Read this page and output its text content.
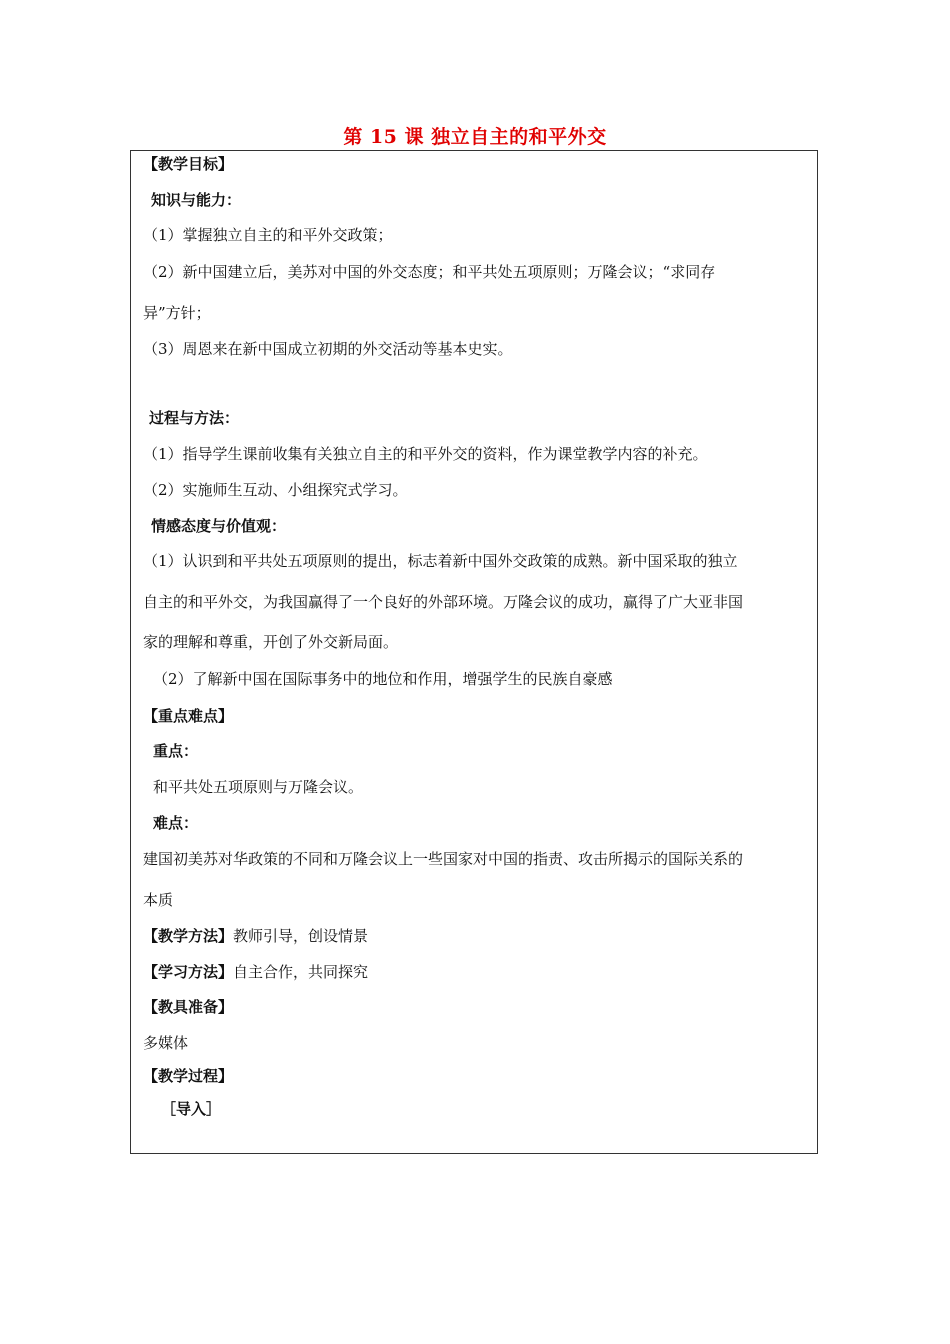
第 15 课 独立自主的和平外交
【教学目标】
知识与能力：
（1）掌握独立自主的和平外交政策；
（2）新中国建立后，美苏对中国的外交态度；和平共处五项原则；万隆会议；“求同存
异”方针；
（3）周恩来在新中国成立初期的外交活动等基本史实。
过程与方法：
（1）指导学生课前收集有关独立自主的和平外交的资料，作为课堂教学内容的补充。
（2）实施师生互动、小组探究式学习。
情感态度与价值观：
（1）认识到和平共处五项原则的提出，标志着新中国外交政策的成熟。新中国采取的独立
自主的和平外交，为我国赢得了一个良好的外部环境。万隆会议的成功，赢得了广大亚非国
家的理解和尊重，开创了外交新局面。
（2）了解新中国在国际事务中的地位和作用，增强学生的民族自豪感
【重点难点】
重点：
和平共处五项原则与万隆会议。
难点：
建国初美苏对华政策的不同和万隆会议上一些国家对中国的指责、攻击所揭示的国际关系的
本质
【教学方法】教师引导，创设情景
【学习方法】自主合作，共同探究
【教具准备】
多媒体
【教学过程】
［导入］
